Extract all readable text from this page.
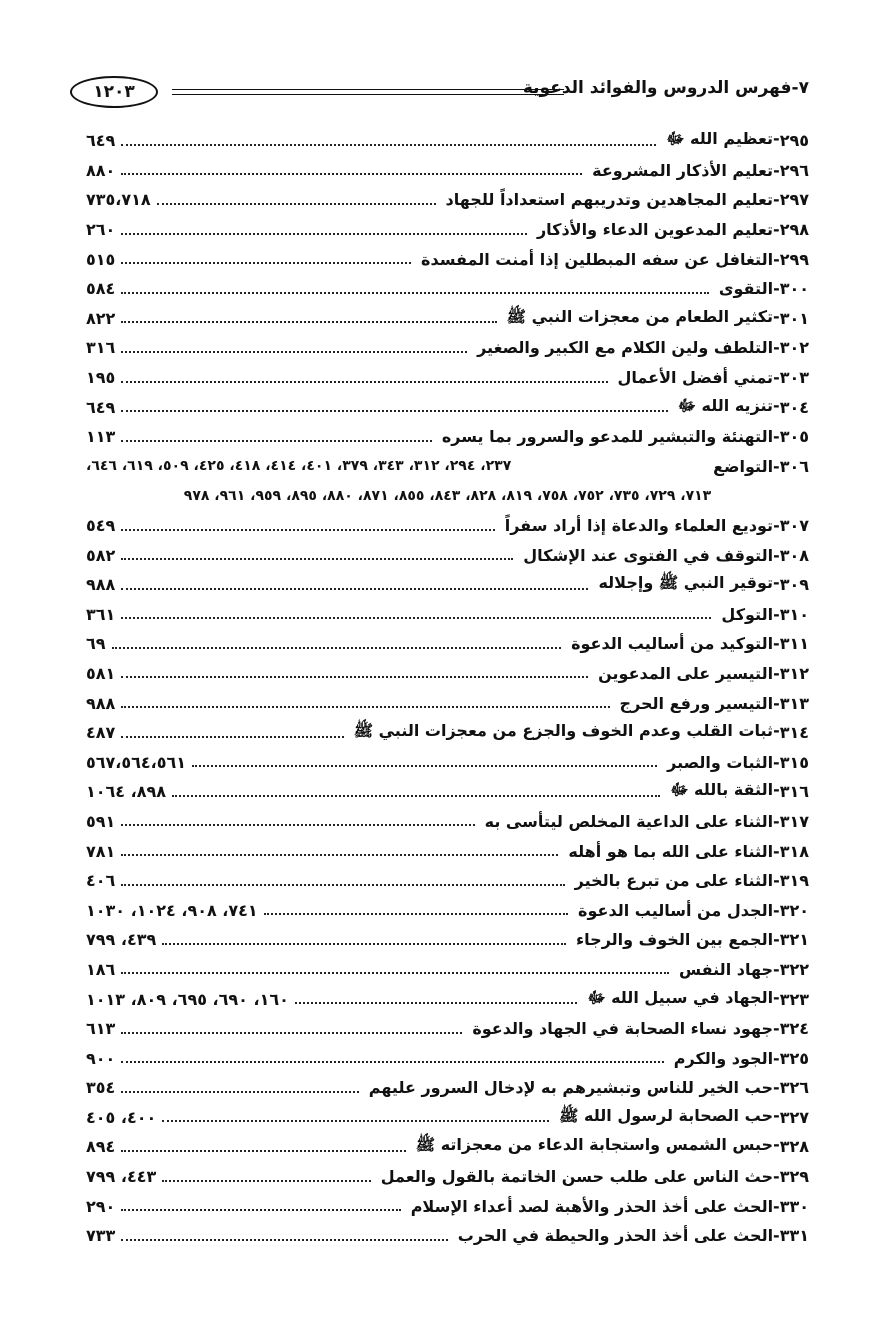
٧-فهرس الدروس والفوائد الدعوية
١٢٠٣
٢٩٥
-تعظيم الله ﷻ
٦٤٩
٢٩٦
-تعليم الأذكار المشروعة
٨٨٠
٢٩٧
-تعليم المجاهدين وتدريبهم استعداداً للجهاد
٧٣٥،٧١٨
٢٩٨
-تعليم المدعوين الدعاء والأذكار
٢٦٠
٢٩٩
-التغافل عن سفه المبطلين إذا أمنت المفسدة
٥١٥
٣٠٠
-التقوى
٥٨٤
٣٠١
-تكثير الطعام من معجزات النبي ﷺ
٨٢٢
٣٠٢
-التلطف ولين الكلام مع الكبير والصغير
٣١٦
٣٠٣
-تمني أفضل الأعمال
١٩٥
٣٠٤
-تنزيه الله ﷻ
٦٤٩
٣٠٥
-التهنئة والتبشير للمدعو والسرور بما يسره
١١٣
٣٠٦
-التواضع
٢٣٧، ٢٩٤، ٣١٢، ٣٤٣، ٣٧٩، ٤٠١، ٤١٤، ٤١٨، ٤٢٥، ٥٠٩، ٦١٩، ٦٤٦،
٧١٣، ٧٢٩، ٧٣٥، ٧٥٢، ٧٥٨، ٨١٩، ٨٢٨، ٨٤٣، ٨٥٥، ٨٧١، ٨٨٠، ٨٩٥، ٩٥٩، ٩٦١، ٩٧٨
٣٠٧
-توديع العلماء والدعاة إذا أراد سفراً
٥٤٩
٣٠٨
-التوقف في الفتوى عند الإشكال
٥٨٢
٣٠٩
-توقير النبي ﷺ وإجلاله
٩٨٨
٣١٠
-التوكل
٣٦١
٣١١
-التوكيد من أساليب الدعوة
٦٩
٣١٢
-التيسير على المدعوين
٥٨١
٣١٣
-التيسير ورفع الحرج
٩٨٨
٣١٤
-ثبات القلب وعدم الخوف والجزع من معجزات النبي ﷺ
٤٨٧
٣١٥
-الثبات والصبر
٥٦٧،٥٦٤،٥٦١
٣١٦
-الثقة بالله ﷻ
٨٩٨، ١٠٦٤
٣١٧
-الثناء على الداعية المخلص ليتأسى به
٥٩١
٣١٨
-الثناء على الله بما هو أهله
٧٨١
٣١٩
-الثناء على من تبرع بالخير
٤٠٦
٣٢٠
-الجدل من أساليب الدعوة
٧٤١، ٩٠٨، ١٠٢٤، ١٠٣٠
٣٢١
-الجمع بين الخوف والرجاء
٤٣٩، ٧٩٩
٣٢٢
-جهاد النفس
١٨٦
٣٢٣
-الجهاد في سبيل الله ﷻ
١٦٠، ٦٩٠، ٦٩٥، ٨٠٩، ١٠١٣
٣٢٤
-جهود نساء الصحابة في الجهاد والدعوة
٦١٣
٣٢٥
-الجود والكرم
٩٠٠
٣٢٦
-حب الخير للناس وتبشيرهم به لإدخال السرور عليهم
٣٥٤
٣٢٧
-حب الصحابة لرسول الله ﷺ
٤٠٠، ٤٠٥
٣٢٨
-حبس الشمس واستجابة الدعاء من معجزاته ﷺ
٨٩٤
٣٢٩
-حث الناس على طلب حسن الخاتمة بالقول والعمل
٤٤٣، ٧٩٩
٣٣٠
-الحث على أخذ الحذر والأهبة لصد أعداء الإسلام
٢٩٠
٣٣١
-الحث على أخذ الحذر والحيطة في الحرب
٧٣٣
